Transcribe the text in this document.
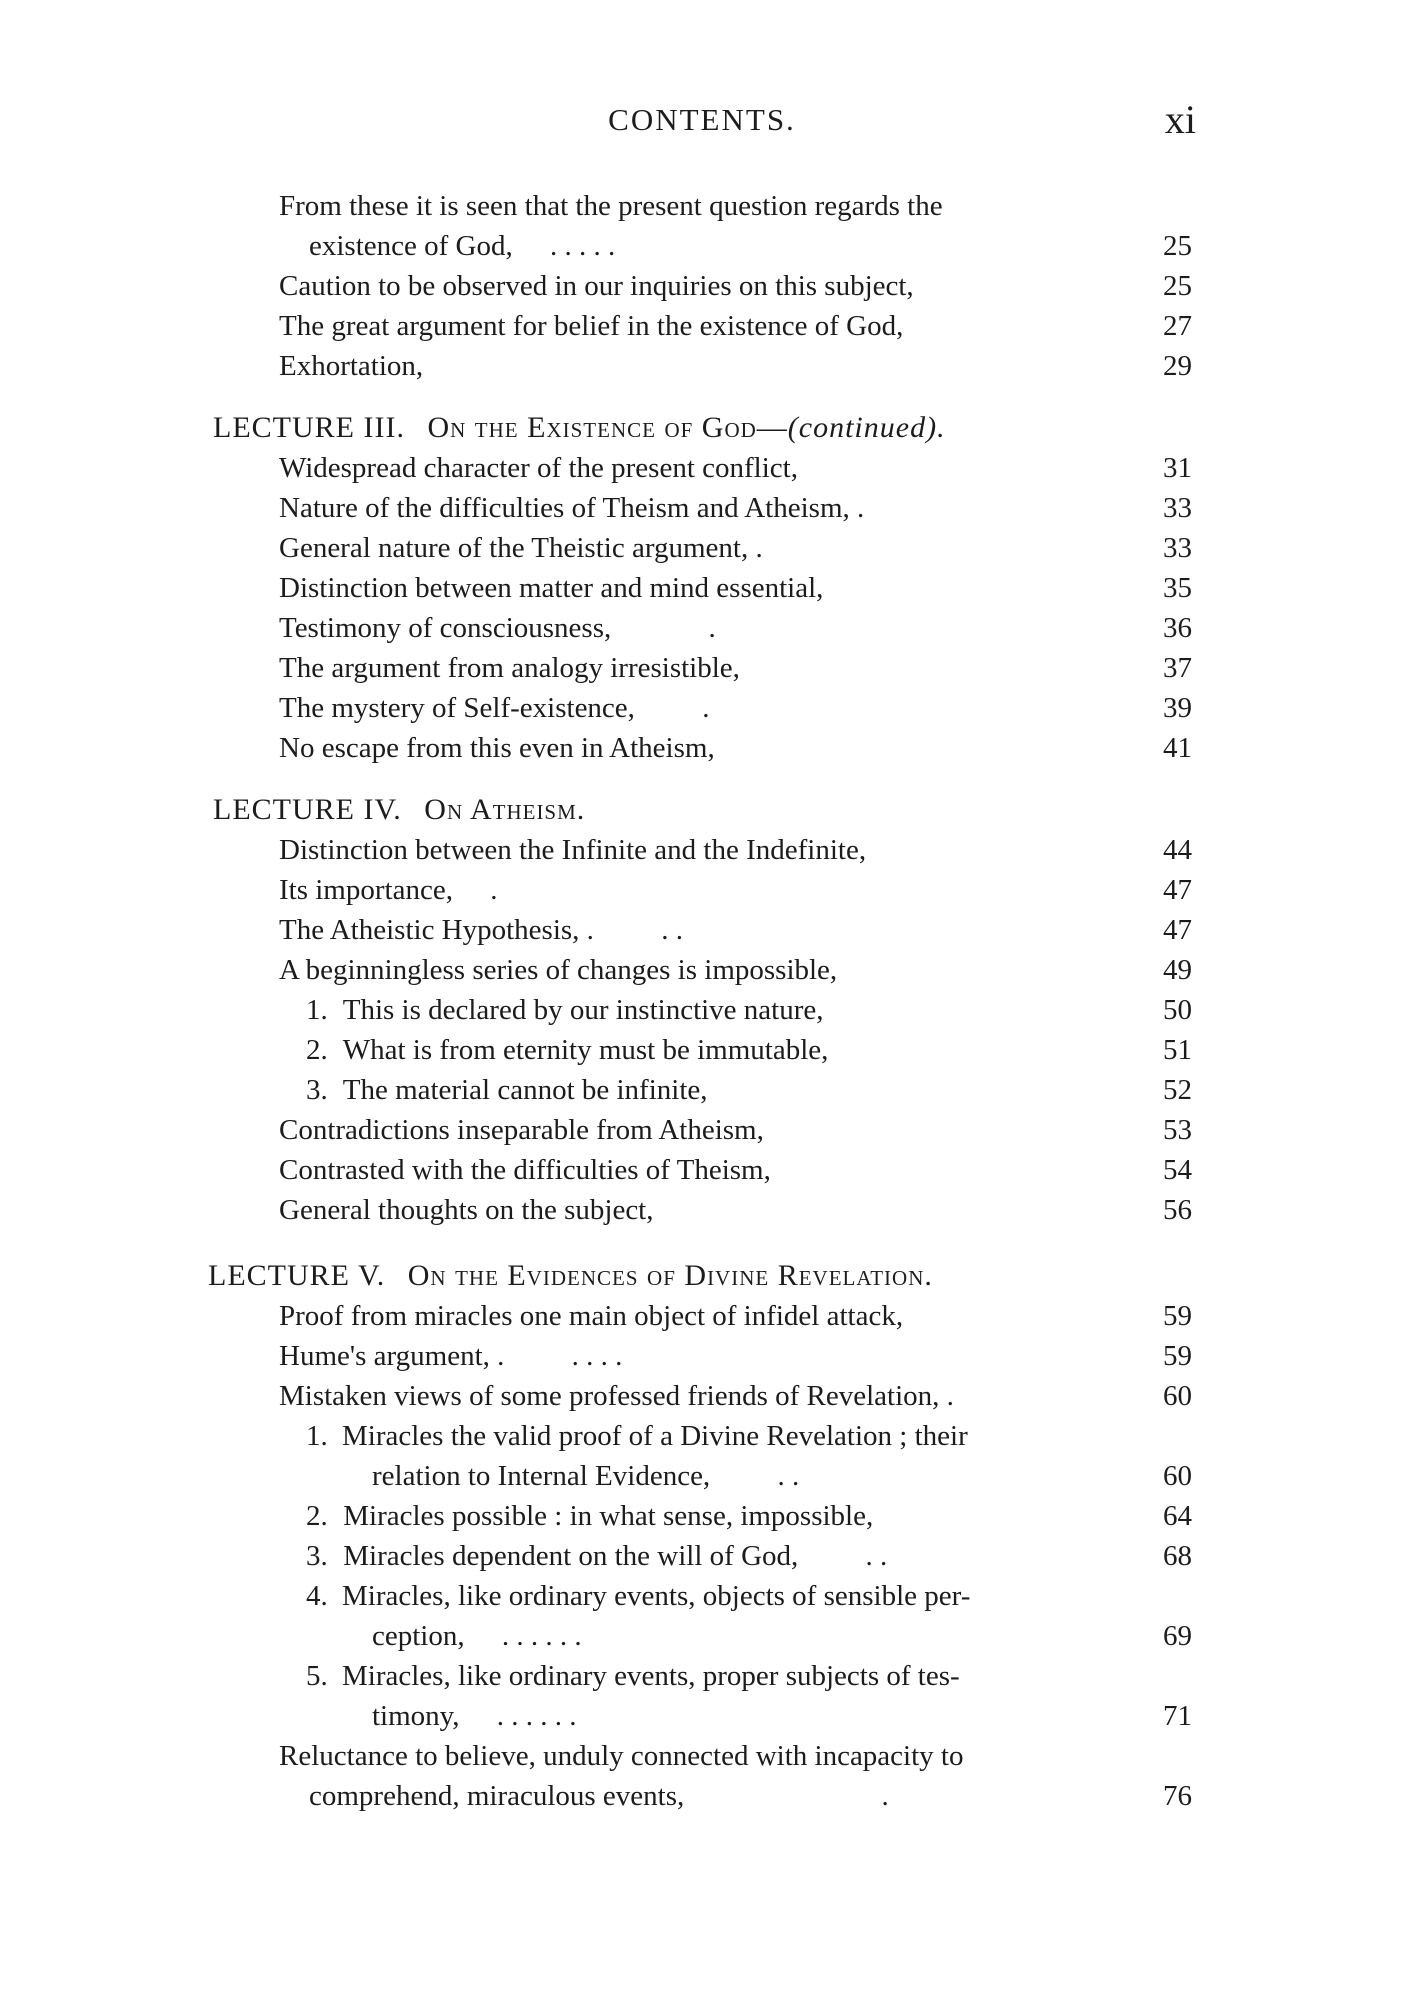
CONTENTS.	xi
From these it is seen that the present question regards the
existence of God, . . . . .	25
Caution to be observed in our inquiries on this subject,	25
The great argument for belief in the existence of God,	27
Exhortation,	29
LECTURE III. On the Existence of God—(continued).
Widespread character of the present conflict,	31
Nature of the difficulties of Theism and Atheism, .	33
General nature of the Theistic argument, .	33
Distinction between matter and mind essential,	35
Testimony of consciousness,	.	36
The argument from analogy irresistible,	37
The mystery of Self-existence, .	39
No escape from this even in Atheism,	41
LECTURE IV. On Atheism.
Distinction between the Infinite and the Indefinite,	44
Its importance, .	47
The Atheistic Hypothesis, . . .	47
A beginningless series of changes is impossible,	49
1. This is declared by our instinctive nature,	50
2. What is from eternity must be immutable,	51
3. The material cannot be infinite,	52
Contradictions inseparable from Atheism,	53
Contrasted with the difficulties of Theism,	54
General thoughts on the subject,	56
LECTURE V. On the Evidences of Divine Revelation.
Proof from miracles one main object of infidel attack,	59
Hume's argument, . . . . .	59
Mistaken views of some professed friends of Revelation, .	60
1. Miracles the valid proof of a Divine Revelation ; their
relation to Internal Evidence, . .	60
2. Miracles possible : in what sense, impossible,	64
3. Miracles dependent on the will of God, . .	68
4. Miracles, like ordinary events, objects of sensible per-
ception, . . . . . .	69
5. Miracles, like ordinary events, proper subjects of tes-
timony, . . . . . .	71
Reluctance to believe, unduly connected with incapacity to
comprehend, miraculous events,	.	76
